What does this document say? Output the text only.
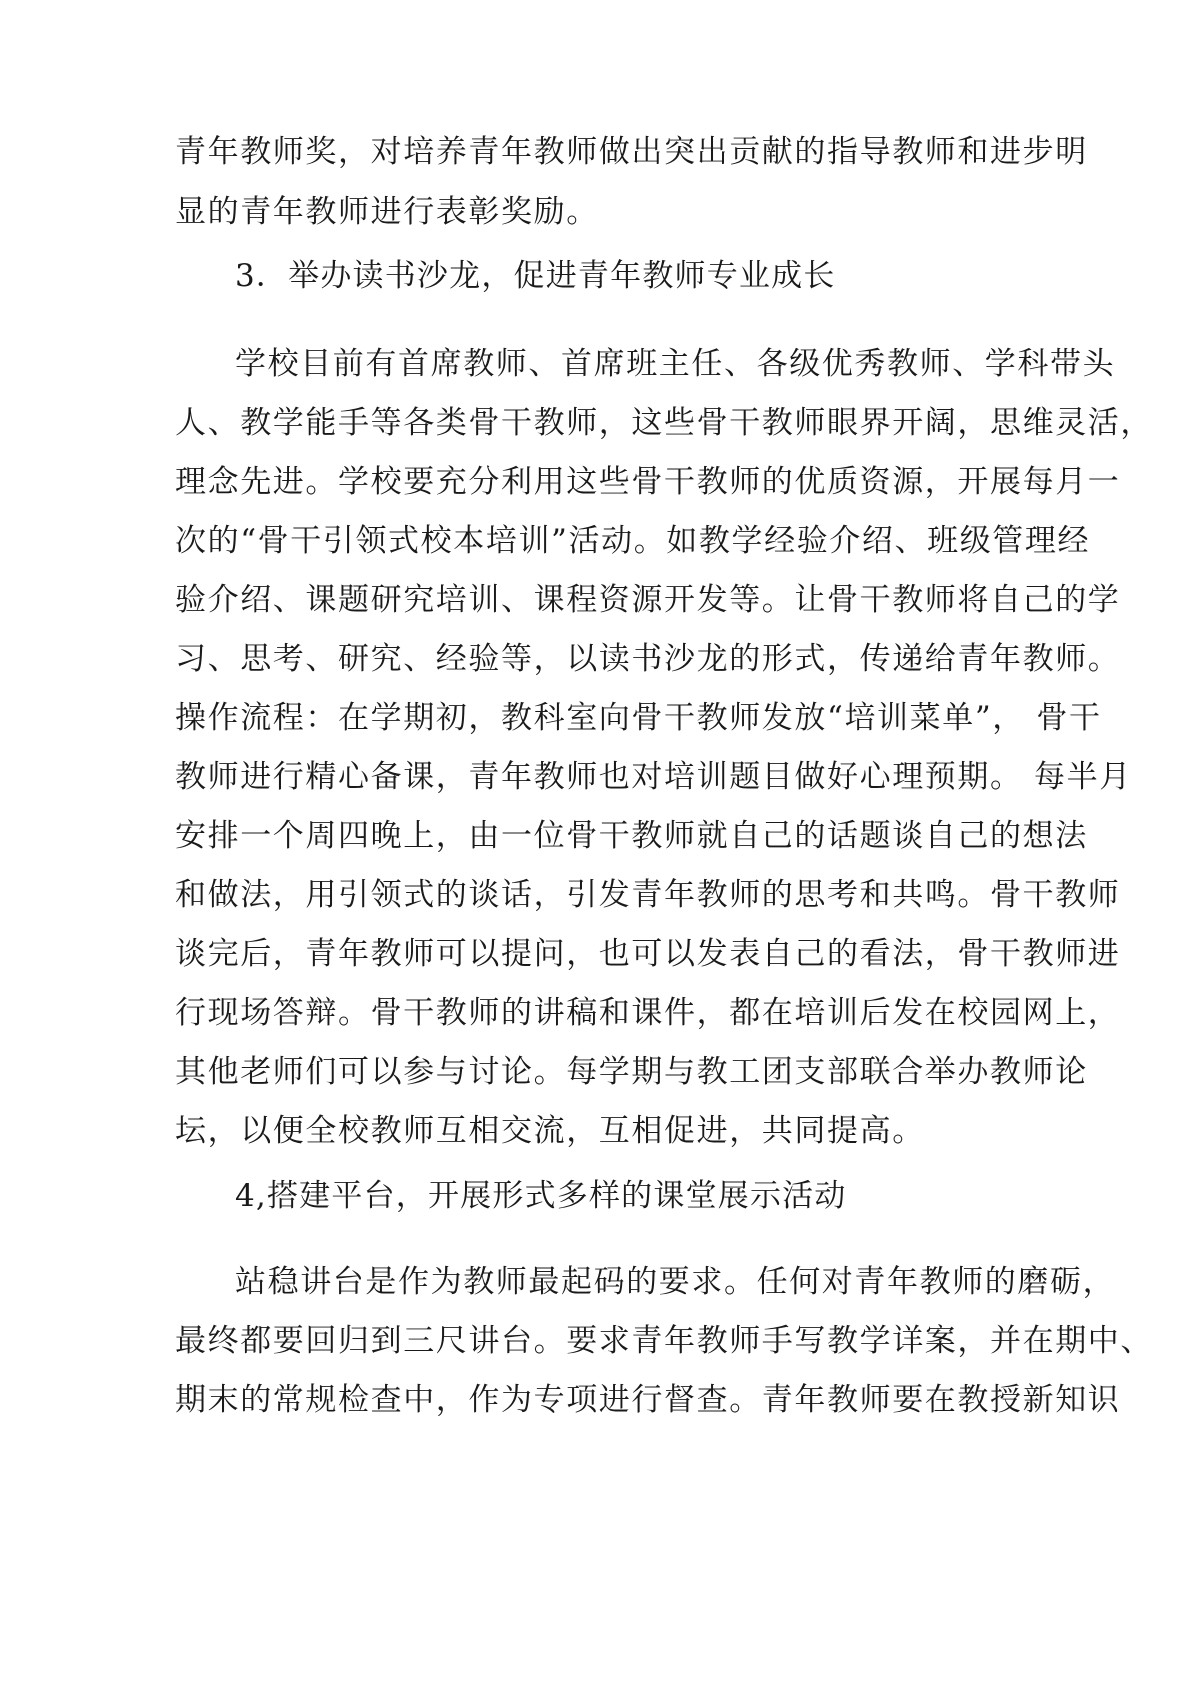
青年教师奖，对培养青年教师做出突出贡献的指导教师和进步明

显的青年教师进行表彰奖励。

3．举办读书沙龙，促进青年教师专业成长

学校目前有首席教师、首席班主任、各级优秀教师、学科带头

人、教学能手等各类骨干教师，这些骨干教师眼界开阔，思维灵活，

理念先进。学校要充分利用这些骨干教师的优质资源，开展每月一

次的“骨干引领式校本培训”活动。如教学经验介绍、班级管理经

验介绍、课题研究培训、课程资源开发等。让骨干教师将自己的学

习、思考、研究、经验等，以读书沙龙的形式，传递给青年教师。

操作流程：在学期初，教科室向骨干教师发放“培训菜单”， 骨干

教师进行精心备课，青年教师也对培训题目做好心理预期。 每半月

安排一个周四晚上，由一位骨干教师就自己的话题谈自己的想法

和做法，用引领式的谈话，引发青年教师的思考和共鸣。骨干教师

谈完后，青年教师可以提问，也可以发表自己的看法，骨干教师进

行现场答辩。骨干教师的讲稿和课件，都在培训后发在校园网上，

其他老师们可以参与讨论。每学期与教工团支部联合举办教师论

坛，以便全校教师互相交流，互相促进，共同提高。

4,搭建平台，开展形式多样的课堂展示活动

站稳讲台是作为教师最起码的要求。任何对青年教师的磨砺，

最终都要回归到三尺讲台。要求青年教师手写教学详案，并在期中、

期末的常规检查中，作为专项进行督查。青年教师要在教授新知识
